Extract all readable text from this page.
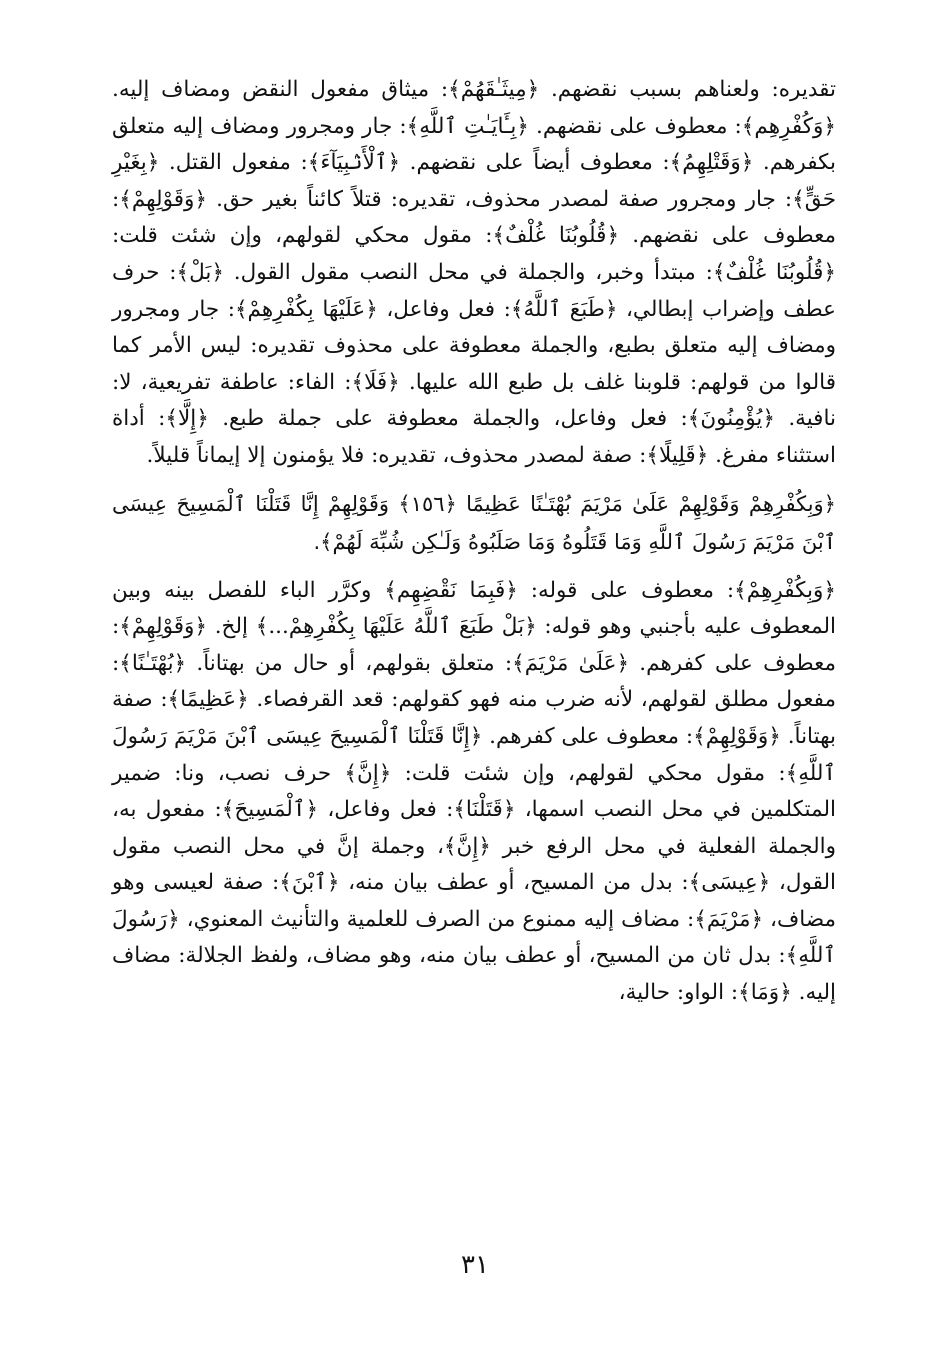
تقديره: ولعناهم بسبب نقضهم. ﴿مِيثَـٰقَهُمْ﴾: ميثاق مفعول النقض ومضاف إليه. ﴿وَكُفْرِهِم﴾: معطوف على نقضهم. ﴿بِـَٔايَـٰتِ ٱللَّهِ﴾: جار ومجرور ومضاف إليه متعلق بكفرهم. ﴿وَقَتْلِهِمُ﴾: معطوف أيضاً على نقضهم. ﴿ٱلْأَنۢبِيَآءَ﴾: مفعول القتل. ﴿بِغَيْرِ حَقٍّ﴾: جار ومجرور صفة لمصدر محذوف، تقديره: قتلاً كائناً بغير حق. ﴿وَقَوْلِهِمْ﴾: معطوف على نقضهم. ﴿قُلُوبُنَا غُلْفٌ﴾: مقول محكي لقولهم، وإن شئت قلت: ﴿قُلُوبُنَا غُلْفٌ﴾: مبتدأ وخبر، والجملة في محل النصب مقول القول. ﴿بَلْ﴾: حرف عطف وإضراب إبطالي، ﴿طَبَعَ ٱللَّهُ﴾: فعل وفاعل، ﴿عَلَيْهَا بِكُفْرِهِمْ﴾: جار ومجرور ومضاف إليه متعلق بطبع، والجملة معطوفة على محذوف تقديره: ليس الأمر كما قالوا من قولهم: قلوبنا غلف بل طبع الله عليها. ﴿فَلَا﴾: الفاء: عاطفة تفريعية، لا: نافية. ﴿يُؤْمِنُونَ﴾: فعل وفاعل، والجملة معطوفة على جملة طبع. ﴿إِلَّا﴾: أداة استثناء مفرغ. ﴿قَلِيلًا﴾: صفة لمصدر محذوف، تقديره: فلا يؤمنون إلا إيماناً قليلاً.

﴿وَبِكُفْرِهِمْ وَقَوْلِهِمْ عَلَىٰ مَرْيَمَ بُهْتَـٰنًا عَظِيمًا ﴿١٥٦﴾ وَقَوْلِهِمْ إِنَّا قَتَلْنَا ٱلْمَسِيحَ عِيسَى ٱبْنَ مَرْيَمَ رَسُولَ ٱللَّهِ وَمَا قَتَلُوهُ وَمَا صَلَبُوهُ وَلَـٰكِن شُبِّهَ لَهُمْ﴾.

﴿وَبِكُفْرِهِمْ﴾: معطوف على قوله: ﴿فَبِمَا نَقْضِهِم﴾ وكرَّر الباء للفصل بينه وبين المعطوف عليه بأجنبي وهو قوله: ﴿بَلْ طَبَعَ ٱللَّهُ عَلَيْهَا بِكُفْرِهِمْ...﴾ إلخ. ﴿وَقَوْلِهِمْ﴾: معطوف على كفرهم. ﴿عَلَىٰ مَرْيَمَ﴾: متعلق بقولهم، أو حال من بهتاناً. ﴿بُهْتَـٰنًا﴾: مفعول مطلق لقولهم، لأنه ضرب منه فهو كقولهم: قعد القرفصاء. ﴿عَظِيمًا﴾: صفة بهتاناً. ﴿وَقَوْلِهِمْ﴾: معطوف على كفرهم. ﴿إِنَّا قَتَلْنَا ٱلْمَسِيحَ عِيسَى ٱبْنَ مَرْيَمَ رَسُولَ ٱللَّهِ﴾: مقول محكي لقولهم، وإن شئت قلت: ﴿إِنَّ﴾ حرف نصب، ونا: ضمير المتكلمين في محل النصب اسمها، ﴿قَتَلْنَا﴾: فعل وفاعل، ﴿ٱلْمَسِيحَ﴾: مفعول به، والجملة الفعلية في محل الرفع خبر ﴿إِنَّ﴾، وجملة إنَّ في محل النصب مقول القول، ﴿عِيسَى﴾: بدل من المسيح، أو عطف بيان منه، ﴿ٱبْنَ﴾: صفة لعيسى وهو مضاف، ﴿مَرْيَمَ﴾: مضاف إليه ممنوع من الصرف للعلمية والتأنيث المعنوي، ﴿رَسُولَ ٱللَّهِ﴾: بدل ثان من المسيح، أو عطف بيان منه، وهو مضاف، ولفظ الجلالة: مضاف إليه. ﴿وَمَا﴾: الواو: حالية،

٣١
